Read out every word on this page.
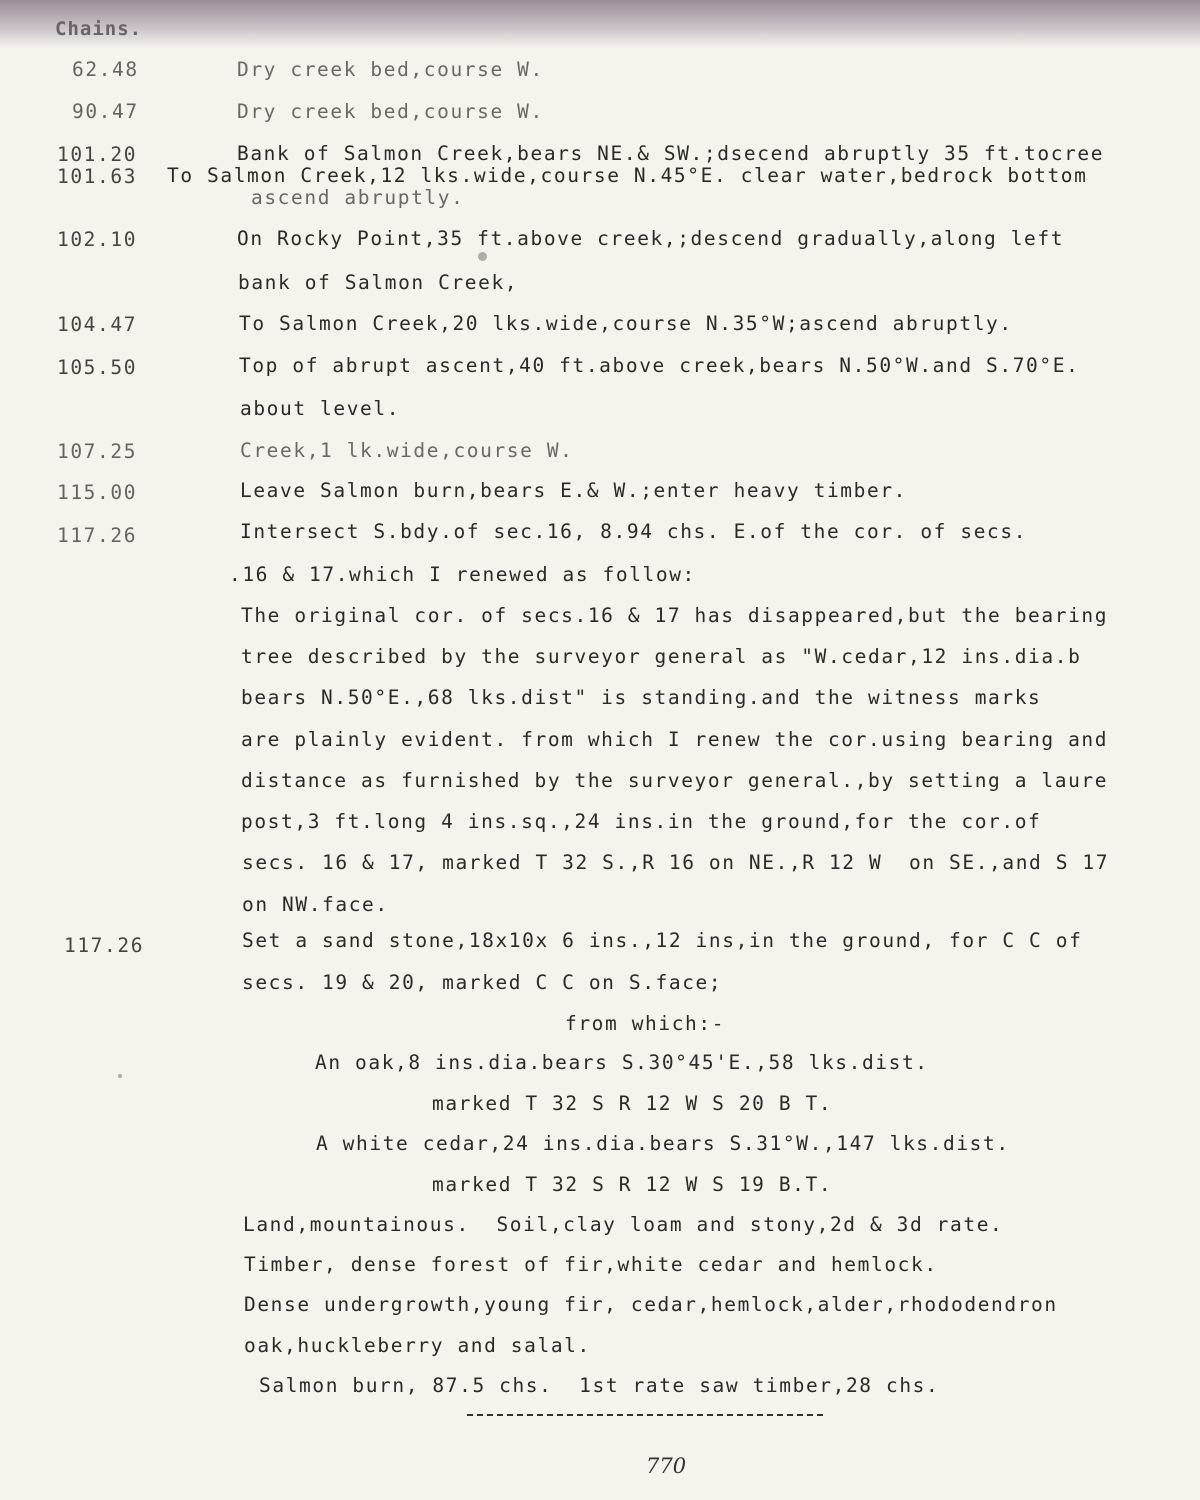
Chains.
62.48	Dry creek bed,course W.
90.47	Dry creek bed,course W.
101.20	Bank of Salmon Creek,bears NE.& SW.;dsecend abruptly 35 ft.tocree
101.63 To Salmon Creek,12 lks.wide,course N.45°E. clear water,bedrock bottom
ascend abruptly.
102.10	On Rocky Point,35 ft.above creek,;descend gradually,along left
bank of Salmon Creek,
104.47	To Salmon Creek,20 lks.wide,course N.35°W;ascend abruptly.
105.50	Top of abrupt ascent,40 ft.above creek,bears N.50°W.and S.70°E.
about level.
107.25	Creek,1 lk.wide,course W.
115.00	Leave Salmon burn,bears E.& W.;enter heavy timber.
117.26	Intersect S.bdy.of sec.16, 8.94 chs. E.of the cor. of secs.
.16 & 17.which I renewed as follow:
The original cor. of secs.16 & 17 has disappeared,but the bearing
tree described by the surveyor general as "W.cedar,12 ins.dia.b
bears N.50°E.,68 lks.dist" is standing.and the witness marks
are plainly evident. from which I renew the cor.using bearing and
distance as furnished by the surveyor general.,by setting a laure
post,3 ft.long 4 ins.sq.,24 ins.in the ground,for the cor.of
secs. 16 & 17, marked T 32 S.,R 16 on NE.,R 12 W  on SE.,and S 17
on NW.face.
117.26	Set a sand stone,18x10x 6 ins.,12 ins,in the ground, for C C of
secs. 19 & 20, marked C C on S.face;
from which:-
An oak,8 ins.dia.bears S.30°45'E.,58 lks.dist.
marked T 32 S R 12 W S 20 B T.
A white cedar,24 ins.dia.bears S.31°W.,147 lks.dist.
marked T 32 S R 12 W S 19 B.T.
Land,mountainous.  Soil,clay loam and stony,2d & 3d rate.
Timber, dense forest of fir,white cedar and hemlock.
Dense undergrowth,young fir, cedar,hemlock,alder,rhododendron
oak,huckleberry and salal.
Salmon burn, 87.5 chs.  1st rate saw timber,28 chs.
770
